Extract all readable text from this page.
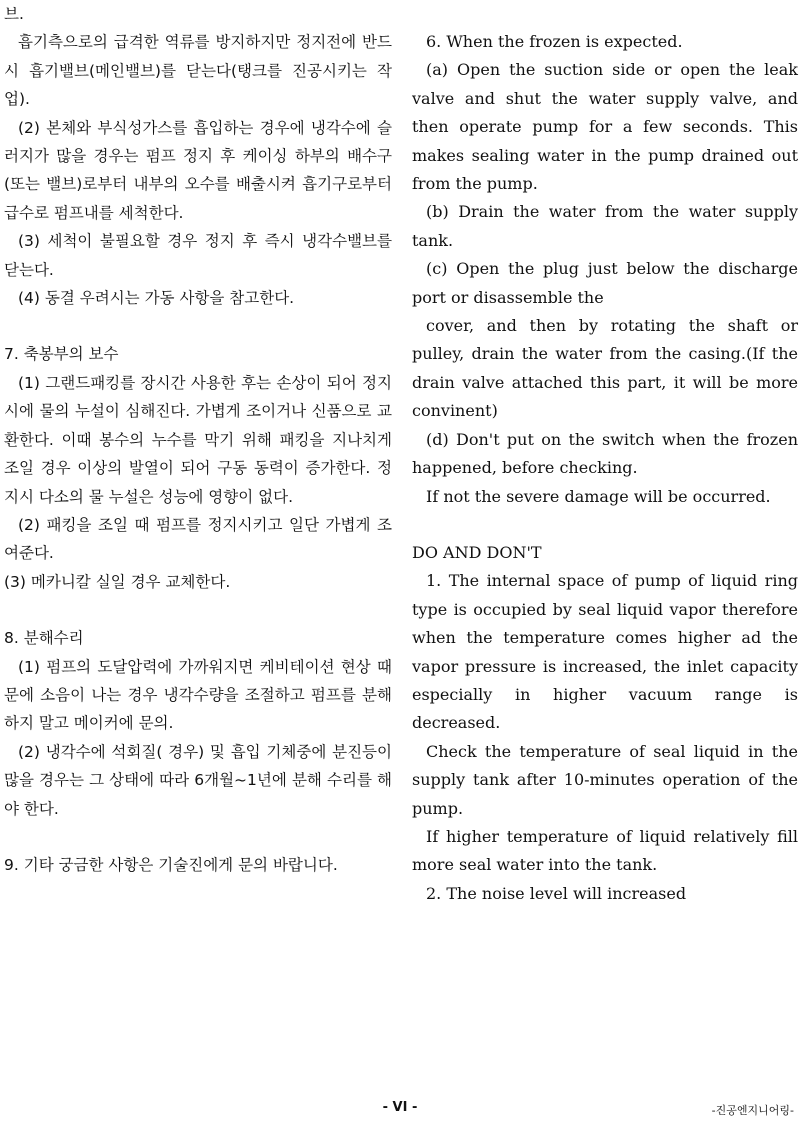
브.

흡기측으로의 급격한 역류를 방지하지만 정지전에 반드시 흡기밸브(메인밸브)를 닫는다(탱크를 진공시키는 작업).

(2) 본체와 부식성가스를 흡입하는 경우에 냉각수에 슬러지가 많을 경우는 펌프 정지 후 케이싱 하부의 배수구(또는 밸브)로부터 내부의 오수를 배출시켜 흡기구로부터 급수로 펌프내를 세척한다.

(3) 세척이 불필요할 경우 정지 후 즉시 냉각수밸브를 닫는다.

(4) 동결 우려시는 가동 사항을 참고한다.

7. 축봉부의 보수

(1) 그랜드패킹를 장시간 사용한 후는 손상이 되어 정지시에 물의 누설이 심해진다. 가볍게 조이거나 신품으로 교환한다. 이때 봉수의 누수를 막기 위해 패킹을 지나치게 조일 경우 이상의 발열이 되어 구동 동력이 증가한다. 정지시 다소의 물 누설은 성능에 영향이 없다.

(2) 패킹을 조일 때 펌프를 정지시키고 일단 가볍게 조여준다.

(3) 메카니칼 실일 경우 교체한다.

8. 분해수리

(1) 펌프의 도달압력에 가까워지면 케비테이션 현상 때문에 소음이 나는 경우 냉각수량을 조절하고 펌프를 분해하지 말고 메이커에 문의.

(2) 냉각수에 석회질( 경우) 및 흡입 기체중에 분진등이 많을 경우는 그 상태에 따라 6개월~1년에 분해 수리를 해야 한다.

9. 기타 궁금한 사항은 기술진에게 문의 바랍니다.

6. When the frozen is expected.

(a) Open the suction side or open the leak valve and shut the water supply valve, and then operate pump for a few seconds. This makes sealing water in the pump drained out from the pump.

(b) Drain the water from the water supply tank.

(c) Open the plug just below the discharge port or disassemble the

cover, and then by rotating the shaft or pulley, drain the water from the casing.(If the drain valve attached this part, it will be more convinent)

(d) Don't put on the switch when the frozen happened, before checking.

If not the severe damage will be occurred.

DO AND DON'T

1. The internal space of pump of liquid ring type is occupied by seal liquid vapor therefore when the temperature comes higher ad the vapor pressure is increased, the inlet capacity especially in higher vacuum range is decreased.

Check the temperature of seal liquid in the supply tank after 10-minutes operation of the pump.

If higher temperature of liquid relatively fill more seal water into the tank.

2. The noise level will increased

- VI -	-진공엔지니어링-
